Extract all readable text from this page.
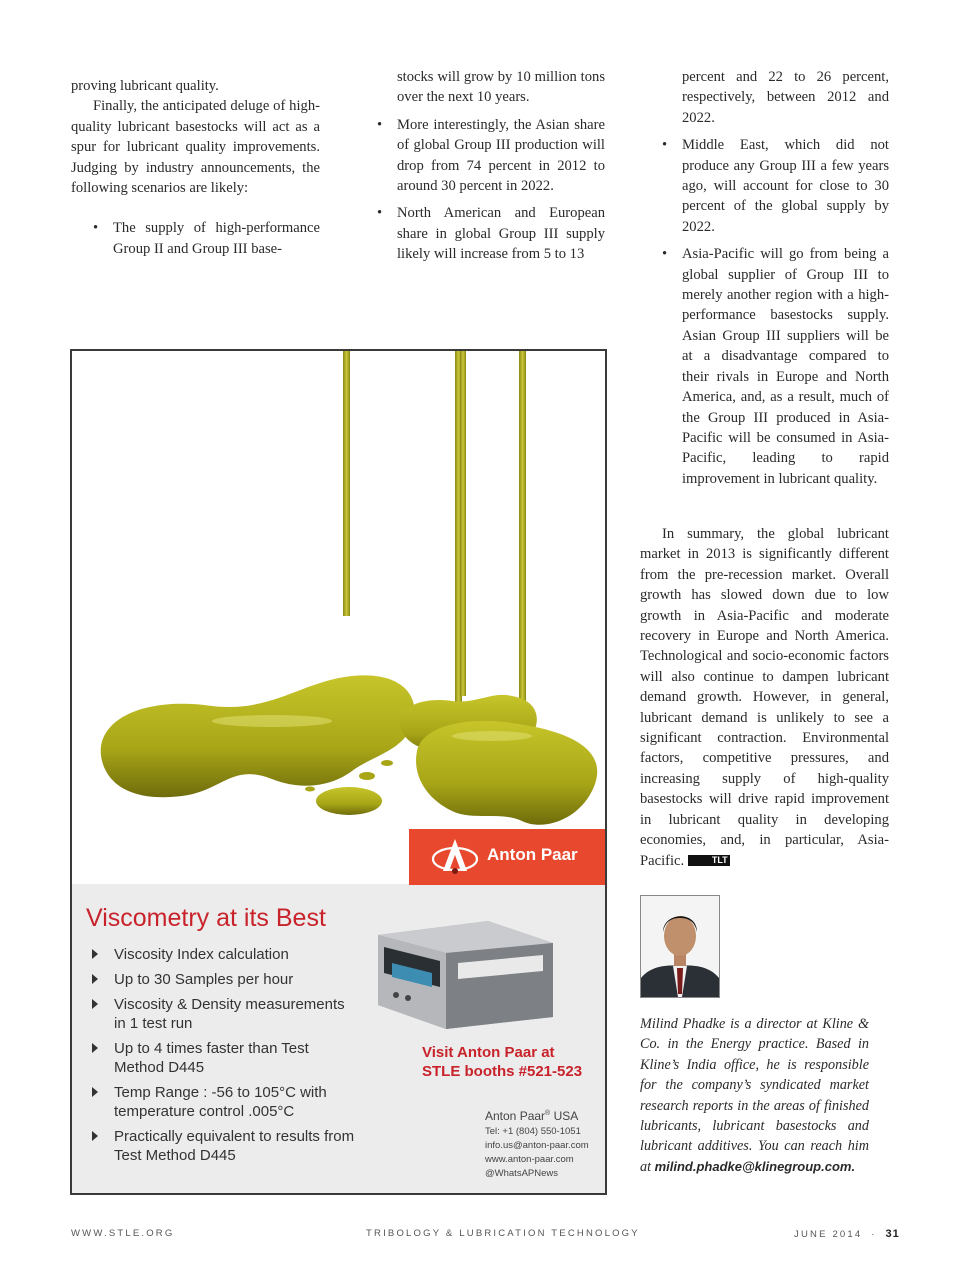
proving lubricant quality.

Finally, the anticipated deluge of high-quality lubricant basestocks will act as a spur for lubricant quality improvements. Judging by industry announcements, the following scenarios are likely:

• The supply of high-performance Group II and Group III base-

stocks will grow by 10 million tons over the next 10 years.

• More interestingly, the Asian share of global Group III production will drop from 74 percent in 2012 to around 30 percent in 2022.

• North American and European share in global Group III supply likely will increase from 5 to 13

percent and 22 to 26 percent, respectively, between 2012 and 2022.

• Middle East, which did not produce any Group III a few years ago, will account for close to 30 percent of the global supply by 2022.

• Asia-Pacific will go from being a global supplier of Group III to merely another region with a high-performance basestocks supply. Asian Group III suppliers will be at a disadvantage compared to their rivals in Europe and North America, and, as a result, much of the Group III produced in Asia-Pacific will be consumed in Asia-Pacific, leading to rapid improvement in lubricant quality.

In summary, the global lubricant market in 2013 is significantly different from the pre-recession market. Overall growth has slowed down due to low growth in Asia-Pacific and moderate recovery in Europe and North America. Technological and socio-economic factors will also continue to dampen lubricant demand growth. However, in general, lubricant demand is unlikely to see a significant contraction. Environmental factors, competitive pressures, and increasing supply of high-quality basestocks will drive rapid improvement in lubricant quality in developing economies, and, in particular, Asia-Pacific.	TLT

Anton Paar
Viscometry at its Best
Viscosity Index calculation
Up to 30 Samples per hour
Viscosity & Density measurements in 1 test run
Up to 4 times faster than Test Method D445
Temp Range : -56 to 105°C with temperature control .005°C
Practically equivalent to results from Test Method D445
Visit Anton Paar at
STLE booths #521-523
Anton Paar® USA
Tel: +1 (804) 550-1051
info.us@anton-paar.com
www.anton-paar.com
@WhatsAPNews
Milind Phadke is a director at Kline & Co. in the Energy practice. Based in Kline’s India office, he is responsible for the company’s syndicated market research reports in the areas of finished lubricants, lubricant basestocks and lubricant additives. You can reach him at milind.phadke@klinegroup.com.
WWW.STLE.ORG	TRIBOLOGY & LUBRICATION TECHNOLOGY	JUNE 2014 · 31
